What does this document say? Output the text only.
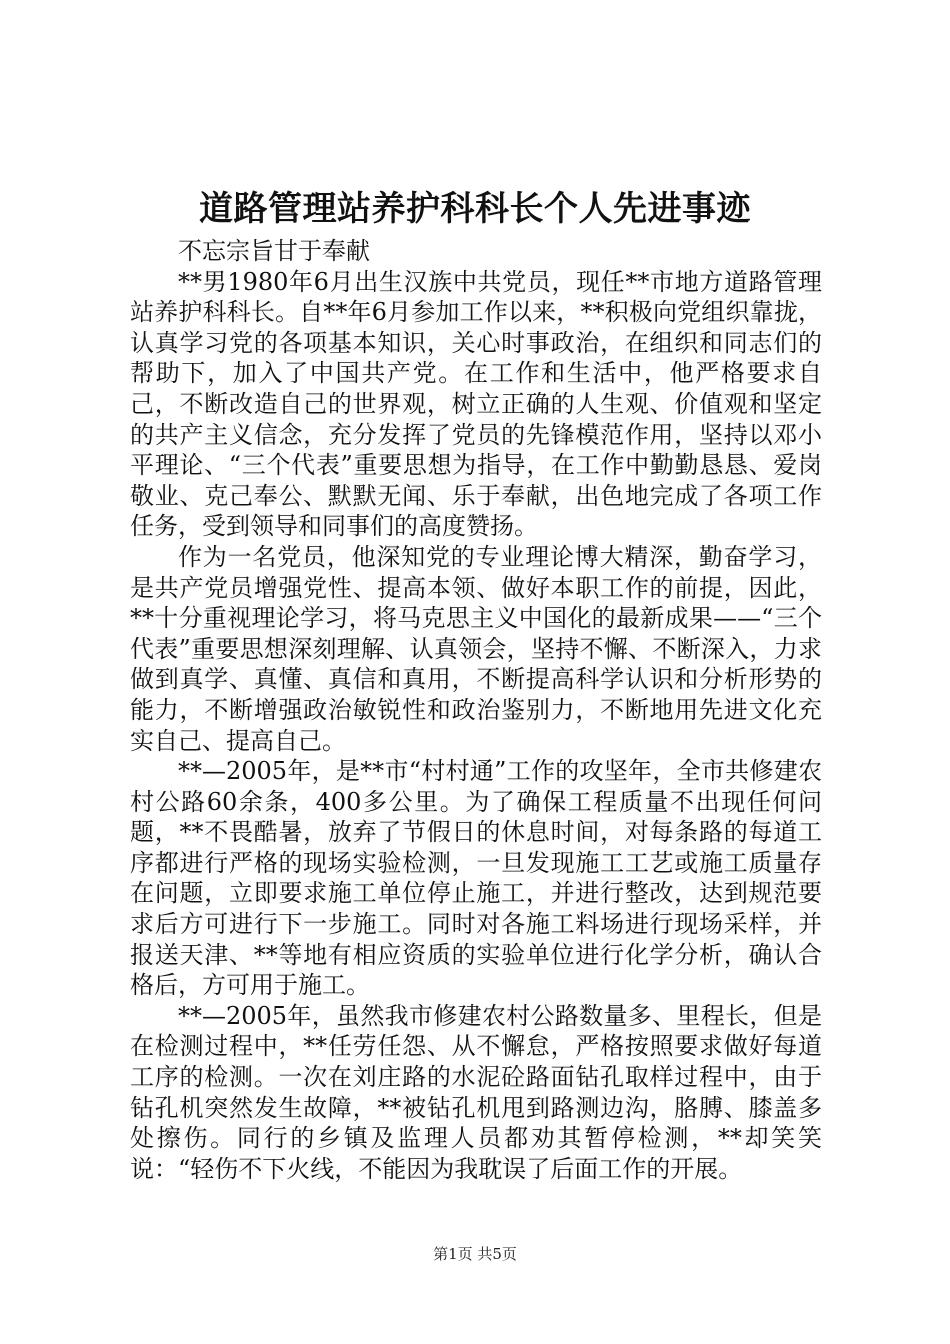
道路管理站养护科科长个人先进事迹

不忘宗旨甘于奉献

**男1980年6月出生汉族中共党员，现任**市地方道路管理站养护科科长。自**年6月参加工作以来，**积极向党组织靠拢，认真学习党的各项基本知识，关心时事政治，在组织和同志们的帮助下，加入了中国共产党。在工作和生活中，他严格要求自己，不断改造自己的世界观，树立正确的人生观、价值观和坚定的共产主义信念，充分发挥了党员的先锋模范作用，坚持以邓小平理论、“三个代表”重要思想为指导，在工作中勤勤恳恳、爱岗敬业、克己奉公、默默无闻、乐于奉献，出色地完成了各项工作任务，受到领导和同事们的高度赞扬。

作为一名党员，他深知党的专业理论博大精深，勤奋学习，是共产党员增强党性、提高本领、做好本职工作的前提，因此，**十分重视理论学习，将马克思主义中国化的最新成果——“三个代表”重要思想深刻理解、认真领会，坚持不懈、不断深入，力求做到真学、真懂、真信和真用，不断提高科学认识和分析形势的能力，不断增强政治敏锐性和政治鉴别力，不断地用先进文化充实自己、提高自己。

**—2005年，是**市“村村通”工作的攻坚年，全市共修建农村公路60余条，400多公里。为了确保工程质量不出现任何问题，**不畏酷暑，放弃了节假日的休息时间，对每条路的每道工序都进行严格的现场实验检测，一旦发现施工工艺或施工质量存在问题，立即要求施工单位停止施工，并进行整改，达到规范要求后方可进行下一步施工。同时对各施工料场进行现场采样，并报送天津、**等地有相应资质的实验单位进行化学分析，确认合格后，方可用于施工。

**—2005年，虽然我市修建农村公路数量多、里程长，但是在检测过程中，**任劳任怨、从不懈怠，严格按照要求做好每道工序的检测。一次在刘庄路的水泥砼路面钻孔取样过程中，由于钻孔机突然发生故障，**被钻孔机甩到路测边沟，胳膊、膝盖多处擦伤。同行的乡镇及监理人员都劝其暂停检测，**却笑笑说：“轻伤不下火线，不能因为我耽误了后面工作的开展。

第1页 共5页
